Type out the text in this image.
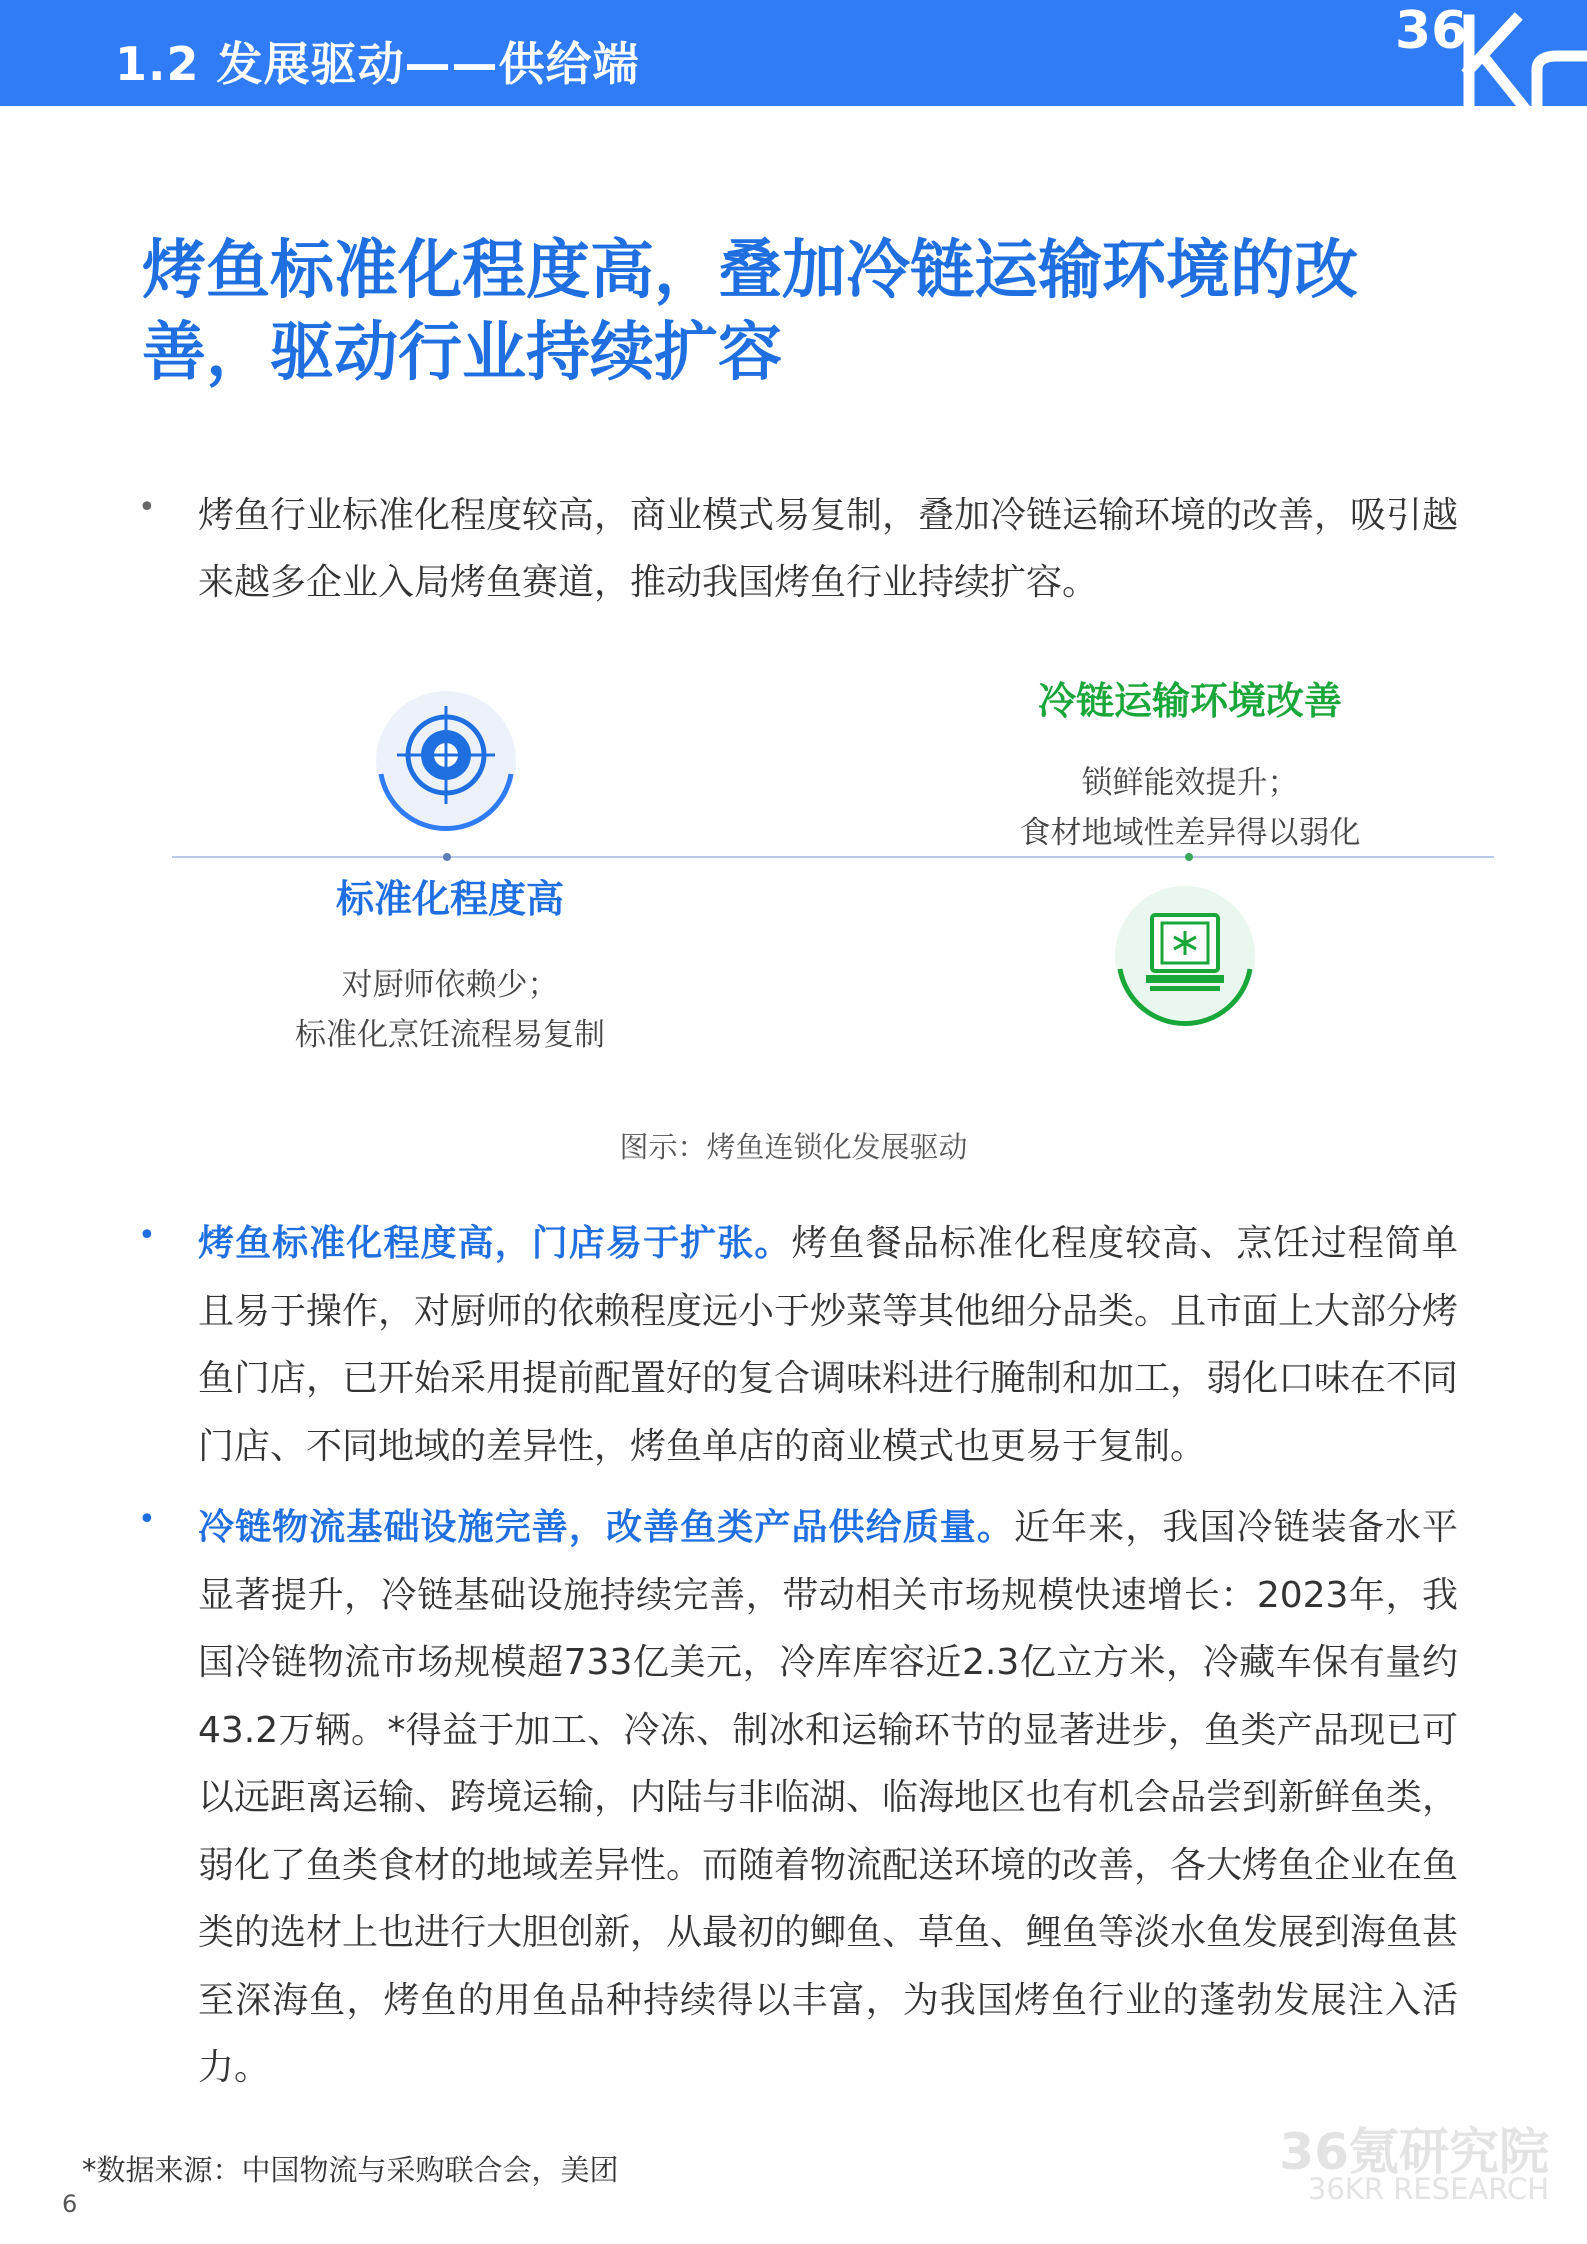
1.2 发展驱动——供给端
36
烤鱼标准化程度高，叠加冷链运输环境的改善，驱动行业持续扩容
• 烤鱼行业标准化程度较高，商业模式易复制，叠加冷链运输环境的改善，吸引越来越多企业入局烤鱼赛道，推动我国烤鱼行业持续扩容。
标准化程度高
对厨师依赖少；
标准化烹饪流程易复制
冷链运输环境改善
锁鲜能效提升；
食材地域性差异得以弱化
图示：烤鱼连锁化发展驱动
• 烤鱼标准化程度高，门店易于扩张。烤鱼餐品标准化程度较高、烹饪过程简单且易于操作，对厨师的依赖程度远小于炒菜等其他细分品类。且市面上大部分烤鱼门店，已开始采用提前配置好的复合调味料进行腌制和加工，弱化口味在不同门店、不同地域的差异性，烤鱼单店的商业模式也更易于复制。
• 冷链物流基础设施完善，改善鱼类产品供给质量。近年来，我国冷链装备水平显著提升，冷链基础设施持续完善，带动相关市场规模快速增长：2023年，我国冷链物流市场规模超733亿美元，冷库库容近2.3亿立方米，冷藏车保有量约43.2万辆。*得益于加工、冷冻、制冰和运输环节的显著进步，鱼类产品现已可以远距离运输、跨境运输，内陆与非临湖、临海地区也有机会品尝到新鲜鱼类，弱化了鱼类食材的地域差异性。而随着物流配送环境的改善，各大烤鱼企业在鱼类的选材上也进行大胆创新，从最初的鲫鱼、草鱼、鲤鱼等淡水鱼发展到海鱼甚至深海鱼，烤鱼的用鱼品种持续得以丰富，为我国烤鱼行业的蓬勃发展注入活力。
*数据来源：中国物流与采购联合会，美团
6
36氪研究院
36KR RESEARCH
